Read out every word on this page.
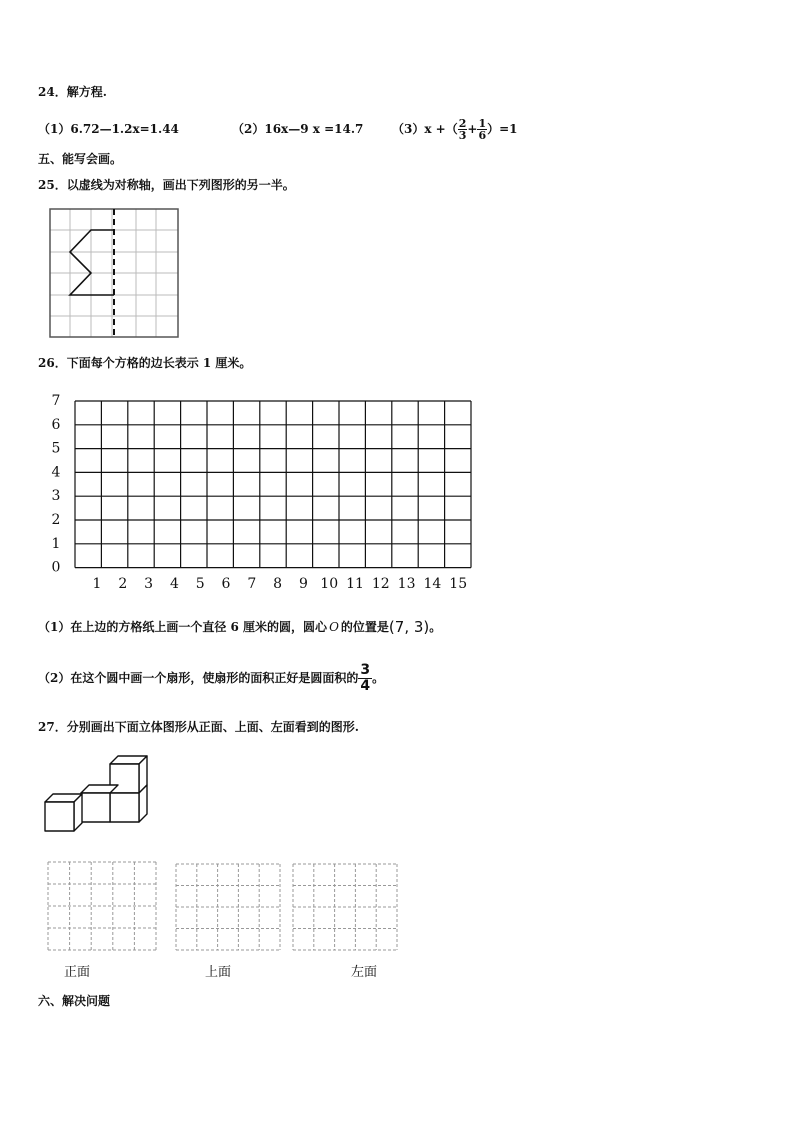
24．解方程.
（1）6.72—1.2x=1.44	（2）16x—9 x =14.7 （3）x +（ $\frac{2}{3} + \frac{1}{6} )=1$
五、能写会画。
25．以虚线为对称轴，画出下列图形的另一半。
26．下面每个方格的边长表示 1 厘米。
7
6
5
4
3
2
1
0
1 2 3 4 5 6 7 8 9 10 11 12 13 14 15
（1）在上边的方格纸上画一个直径 6 厘米的圆，圆心 O 的位置是 (7, 3) 。
（2）在这个圆中画一个扇形，使扇形的面积正好是圆面积的 $\frac{3}{4}$ 。
27．分别画出下面立体图形从正面、上面、左面看到的图形.
正面	上面	左面
六、解决问题
